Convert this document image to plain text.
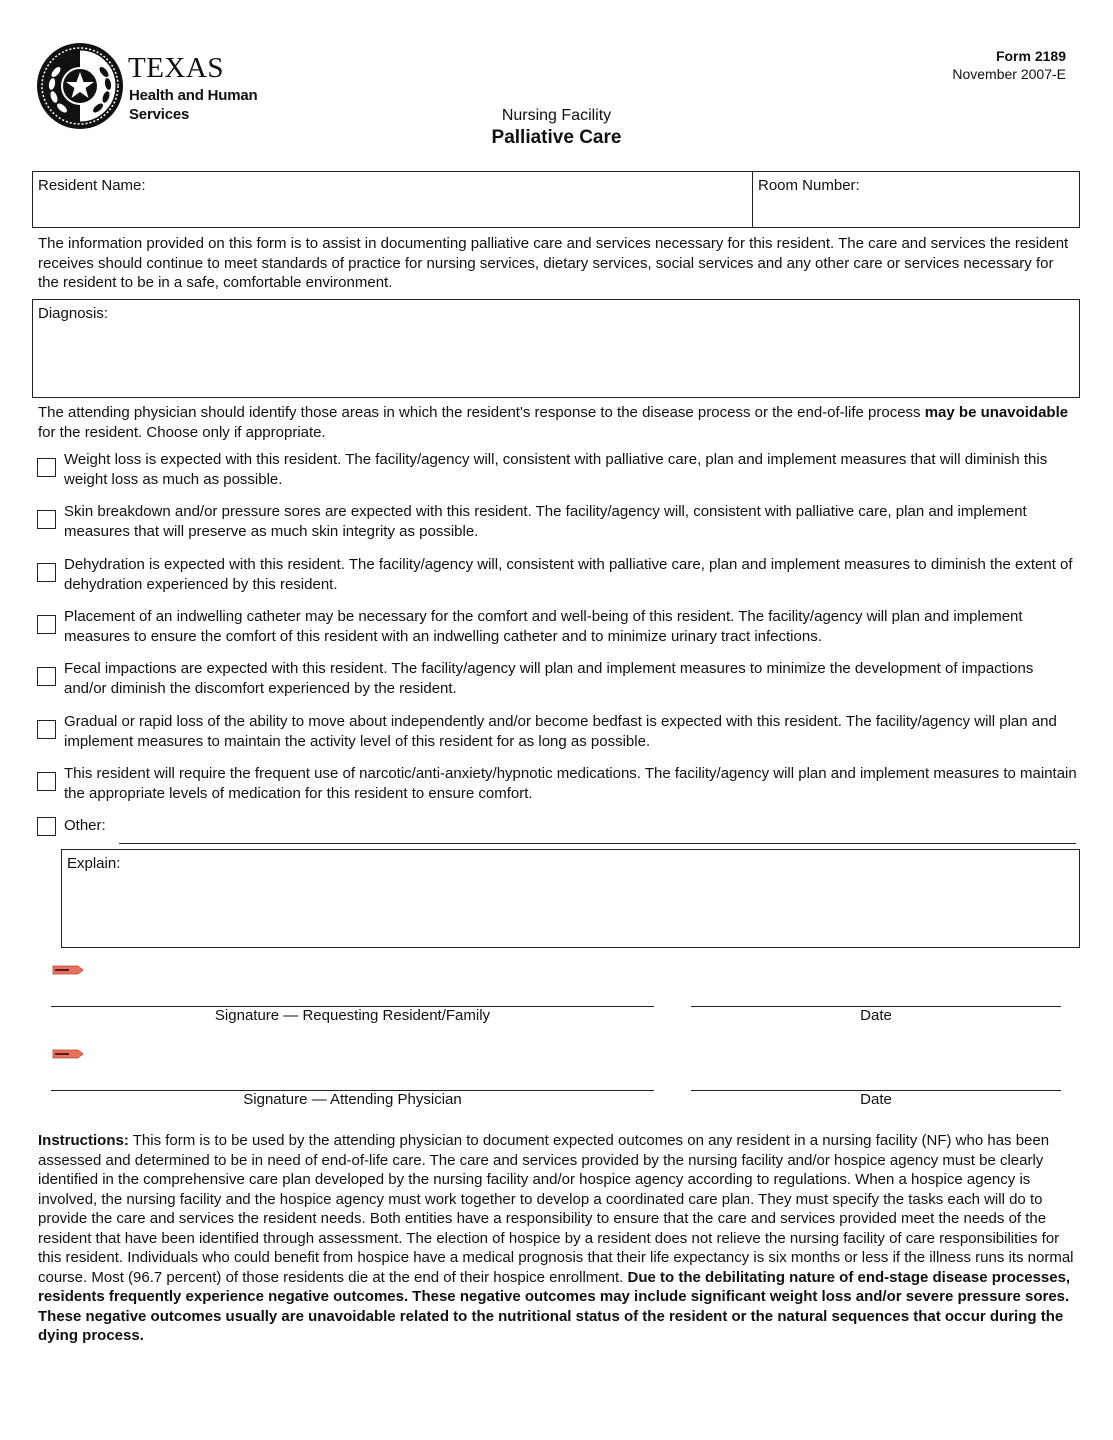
TEXAS
Health and Human
Services
Form 2189
November 2007-E
Nursing Facility
Palliative Care
Resident Name:	Room Number:
The information provided on this form is to assist in documenting palliative care and services necessary for this resident. The care and services the resident receives should continue to meet standards of practice for nursing services, dietary services, social services and any other care or services necessary for the resident to be in a safe, comfortable environment.
Diagnosis:
The attending physician should identify those areas in which the resident's response to the disease process or the end-of-life process may be unavoidable for the resident. Choose only if appropriate.
Weight loss is expected with this resident. The facility/agency will, consistent with palliative care, plan and implement measures that will diminish this weight loss as much as possible.
Skin breakdown and/or pressure sores are expected with this resident. The facility/agency will, consistent with palliative care, plan and implement measures that will preserve as much skin integrity as possible.
Dehydration is expected with this resident. The facility/agency will, consistent with palliative care, plan and implement measures to diminish the extent of dehydration experienced by this resident.
Placement of an indwelling catheter may be necessary for the comfort and well-being of this resident. The facility/agency will plan and implement measures to ensure the comfort of this resident with an indwelling catheter and to minimize urinary tract infections.
Fecal impactions are expected with this resident. The facility/agency will plan and implement measures to minimize the development of impactions and/or diminish the discomfort experienced by the resident.
Gradual or rapid loss of the ability to move about independently and/or become bedfast is expected with this resident. The facility/agency will plan and implement measures to maintain the activity level of this resident for as long as possible.
This resident will require the frequent use of narcotic/anti-anxiety/hypnotic medications. The facility/agency will plan and implement measures to maintain the appropriate levels of medication for this resident to ensure comfort.
Other:
Explain:
Signature — Requesting Resident/Family	Date
Signature — Attending Physician	Date
Instructions: This form is to be used by the attending physician to document expected outcomes on any resident in a nursing facility (NF) who has been assessed and determined to be in need of end-of-life care. The care and services provided by the nursing facility and/or hospice agency must be clearly identified in the comprehensive care plan developed by the nursing facility and/or hospice agency according to regulations. When a hospice agency is involved, the nursing facility and the hospice agency must work together to develop a coordinated care plan. They must specify the tasks each will do to provide the care and services the resident needs. Both entities have a responsibility to ensure that the care and services provided meet the needs of the resident that have been identified through assessment. The election of hospice by a resident does not relieve the nursing facility of care responsibilities for this resident. Individuals who could benefit from hospice have a medical prognosis that their life expectancy is six months or less if the illness runs its normal course. Most (96.7 percent) of those residents die at the end of their hospice enrollment. Due to the debilitating nature of end-stage disease processes, residents frequently experience negative outcomes. These negative outcomes may include significant weight loss and/or severe pressure sores. These negative outcomes usually are unavoidable related to the nutritional status of the resident or the natural sequences that occur during the dying process.
